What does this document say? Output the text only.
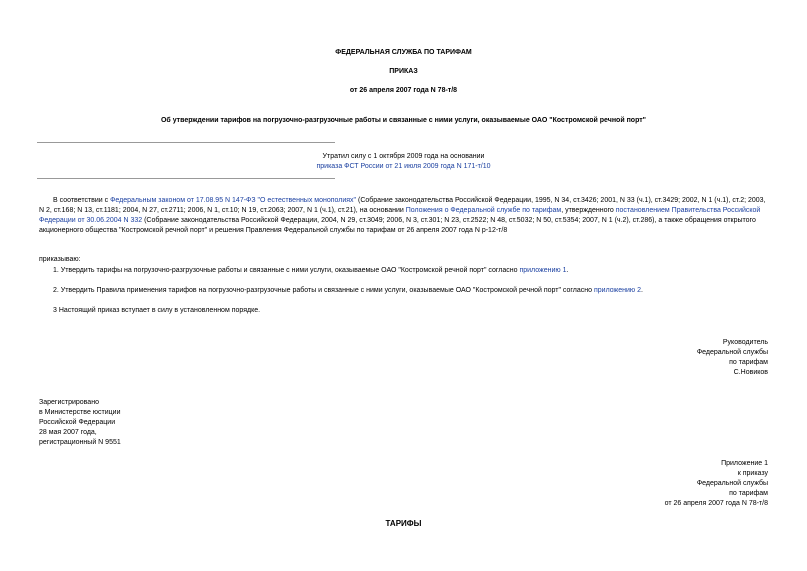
ФЕДЕРАЛЬНАЯ СЛУЖБА ПО ТАРИФАМ
ПРИКАЗ
от 26 апреля 2007 года N 78-т/8
Об утверждении тарифов на погрузочно-разгрузочные работы и связанные с ними услуги, оказываемые ОАО "Костромской речной порт"
Утратил силу с 1 октября 2009 года на основании
приказа ФСТ России от 21 июля 2009 года N 171-т/10
В соответствии с Федеральным законом от 17.08.95 N 147-ФЗ "О естественных монополиях" (Собрание законодательства Российской Федерации, 1995, N 34, ст.3426; 2001, N 33 (ч.1), ст.3429; 2002, N 1 (ч.1), ст.2; 2003, N 2, ст.168; N 13, ст.1181; 2004, N 27, ст.2711; 2006, N 1, ст.10; N 19, ст.2063; 2007, N 1 (ч.1), ст.21), на основании Положения о Федеральной службе по тарифам, утвержденного постановлением Правительства Российской Федерации от 30.06.2004 N 332 (Собрание законодательства Российской Федерации, 2004, N 29, ст.3049; 2006, N 3, ст.301; N 23, ст.2522; N 48, ст.5032; N 50, ст.5354; 2007, N 1 (ч.2), ст.286), а также обращения открытого акционерного общества "Костромской речной порт" и решения Правления Федеральной службы по тарифам от 26 апреля 2007 года N р-12-т/8
приказываю:
1. Утвердить тарифы на погрузочно-разгрузочные работы и связанные с ними услуги, оказываемые ОАО "Костромской речной порт" согласно приложению 1.
2. Утвердить Правила применения тарифов на погрузочно-разгрузочные работы и связанные с ними услуги, оказываемые ОАО "Костромской речной порт" согласно приложению 2.
3 Настоящий приказ вступает в силу в установленном порядке.
Руководитель
Федеральной службы
по тарифам
С.Новиков
Зарегистрировано
в Министерстве юстиции
Российской Федерации
28 мая 2007 года,
регистрационный N 9551
Приложение 1
к приказу
Федеральной службы
по тарифам
от 26 апреля 2007 года N 78-т/8
ТАРИФЫ
